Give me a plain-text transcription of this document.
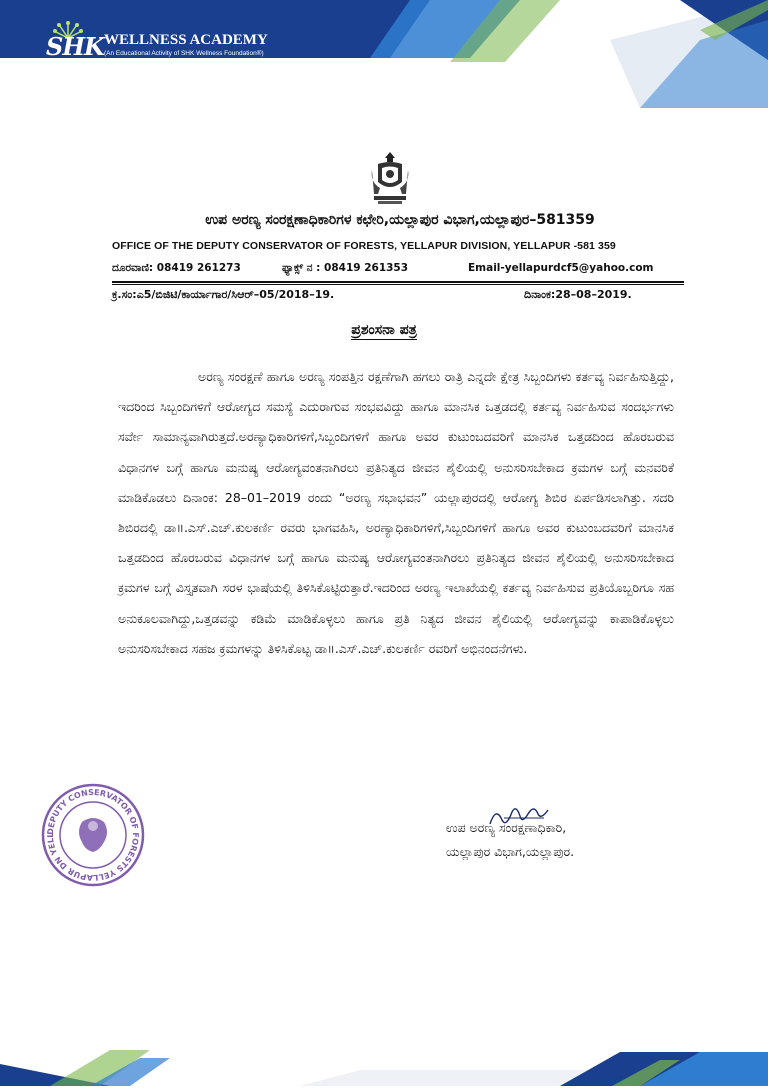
SHK WELLNESS ACADEMY
(An Educational Activity of SHK Wellness Foundation®)
ಉಪ ಅರಣ್ಯ ಸಂರಕ್ಷಣಾಧಿಕಾರಿಗಳ ಕಛೇರಿ,ಯಲ್ಲಾಪುರ ವಿಭಾಗ,ಯಲ್ಲಾಪುರ–581359
OFFICE OF THE DEPUTY CONSERVATOR OF FORESTS, YELLAPUR DIVISION, YELLAPUR -581 359
ದೂರವಾಣಿ: 08419 261273	ಫ್ಯಾಕ್ಸ್ ನ : 08419 261353	Email-yellapurdcf5@yahoo.com
ಕ್ರ.ಸಂ:ಎ5/ಬಿಜಿಟಿ/ಕಾರ್ಯಾಗಾರ/ಸಿಆರ್–05/2018–19.	ದಿನಾಂಕ:28–08–2019.
ಪ್ರಶಂಸನಾ ಪತ್ರ
ಅರಣ್ಯ ಸಂರಕ್ಷಣೆ ಹಾಗೂ ಅರಣ್ಯ ಸಂಪತ್ತಿನ ರಕ್ಷಣೆಗಾಗಿ ಹಗಲು ರಾತ್ರಿ ಎನ್ನದೇ ಕ್ಷೇತ್ರ ಸಿಬ್ಬಂದಿಗಳು ಕರ್ತವ್ಯ ನಿರ್ವಹಿಸುತ್ತಿದ್ದು, ಇದರಿಂದ ಸಿಬ್ಬಂದಿಗಳಿಗೆ ಆರೋಗ್ಯದ ಸಮಸ್ಯೆ ಎದುರಾಗುವ ಸಂಭವವಿದ್ದು ಹಾಗೂ ಮಾನಸಿಕ ಒತ್ತಡದಲ್ಲಿ ಕರ್ತವ್ಯ ನಿರ್ವಹಿಸುವ ಸಂದರ್ಭಗಳು ಸರ್ವೇ ಸಾಮಾನ್ಯವಾಗಿರುತ್ತದೆ.ಅರಣ್ಯಾಧಿಕಾರಿಗಳಿಗೆ,ಸಿಬ್ಬಂದಿಗಳಿಗೆ ಹಾಗೂ ಅವರ ಕುಟುಂಬದವರಿಗೆ ಮಾನಸಿಕ ಒತ್ತಡದಿಂದ ಹೊರಬರುವ ವಿಧಾನಗಳ ಬಗ್ಗೆ ಹಾಗೂ ಮನುಷ್ಯ ಆರೋಗ್ಯವಂತನಾಗಿರಲು ಪ್ರತಿನಿತ್ಯದ ಜೀವನ ಶೈಲಿಯಲ್ಲಿ ಅನುಸರಿಸಬೇಕಾದ ಕ್ರಮಗಳ ಬಗ್ಗೆ ಮನವರಿಕೆ ಮಾಡಿಕೊಡಲು ದಿನಾಂಕ: 28–01–2019 ರಂದು “ಅರಣ್ಯ ಸಭಾಭವನ” ಯಲ್ಲಾಪುರದಲ್ಲಿ ಆರೋಗ್ಯ ಶಿಬಿರ ಏರ್ಪಡಿಸಲಾಗಿತ್ತು. ಸದರಿ ಶಿಬಿರದಲ್ಲಿ ಡಾ॥.ಎಸ್.ಎಚ್.ಕುಲಕರ್ಣಿ ರವರು ಭಾಗವಹಿಸಿ, ಅರಣ್ಯಾಧಿಕಾರಿಗಳಿಗೆ,ಸಿಬ್ಬಂದಿಗಳಿಗೆ ಹಾಗೂ ಅವರ ಕುಟುಂಬದವರಿಗೆ ಮಾನಸಿಕ ಒತ್ತಡದಿಂದ ಹೊರಬರುವ ವಿಧಾನಗಳ ಬಗ್ಗೆ ಹಾಗೂ ಮನುಷ್ಯ ಆರೋಗ್ಯವಂತನಾಗಿರಲು ಪ್ರತಿನಿತ್ಯದ ಜೀವನ ಶೈಲಿಯಲ್ಲಿ ಅನುಸರಿಸಬೇಕಾದ ಕ್ರಮಗಳ ಬಗ್ಗೆ ವಿಸ್ತೃತವಾಗಿ ಸರಳ ಭಾಷೆಯಲ್ಲಿ ತಿಳಿಸಿಕೊಟ್ಟಿರುತ್ತಾರೆ.ಇದರಿಂದ ಅರಣ್ಯ ಇಲಾಖೆಯಲ್ಲಿ ಕರ್ತವ್ಯ ನಿರ್ವಹಿಸುವ ಪ್ರತಿಯೊಬ್ಬರಿಗೂ ಸಹ ಅನುಕೂಲವಾಗಿದ್ದು,ಒತ್ತಡವನ್ನು ಕಡಿಮೆ ಮಾಡಿಕೊಳ್ಳಲು ಹಾಗೂ ಪ್ರತಿ ನಿತ್ಯದ ಜೀವನ ಶೈಲಿಯಲ್ಲಿ ಆರೋಗ್ಯವನ್ನು ಕಾಪಾಡಿಕೊಳ್ಳಲು ಅನುಸರಿಸಬೇಕಾದ ಸಹಜ ಕ್ರಮಗಳನ್ನು ತಿಳಿಸಿಕೊಟ್ಟ ಡಾ॥.ಎಸ್.ಎಚ್.ಕುಲಕರ್ಣಿ ರವರಿಗೆ ಅಭಿನಂದನೆಗಳು.
DEPUTY CONSERVATOR OF FORESTS YELLAPUR DN YELL
ಉಪ ಅರಣ್ಯ ಸಂರಕ್ಷಣಾಧಿಕಾರಿ,
ಯಲ್ಲಾಪುರ ವಿಭಾಗ,ಯಲ್ಲಾಪುರ.
